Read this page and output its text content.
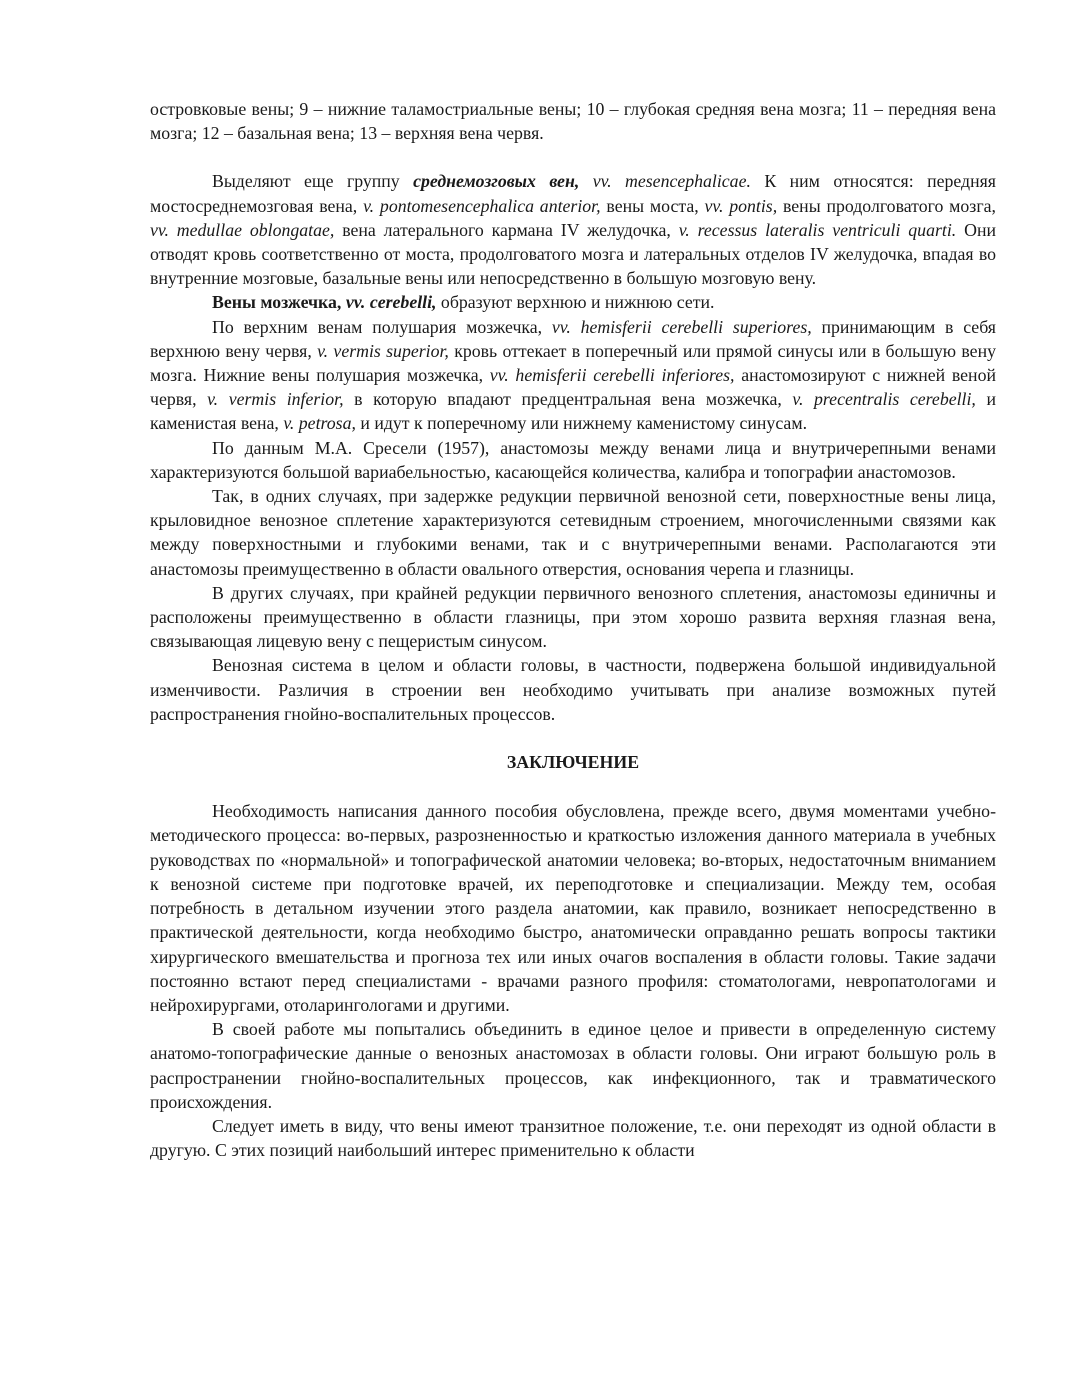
островковые вены; 9 – нижние таламостриальные вены; 10 – глубокая средняя вена мозга; 11 – передняя вена мозга; 12 – базальная вена; 13 – верхняя вена червя.

Выделяют еще группу среднемозговых вен, vv. mesencephalicae. К ним относятся: передняя мостосреднемозговая вена, v. pontomesencephalica anterior, вены моста, vv. pontis, вены продолговатого мозга, vv. medullae oblongatae, вена латерального кармана IV желудочка, v. recessus lateralis ventriculi quarti. Они отводят кровь соответственно от моста, продолговатого мозга и латеральных отделов IV желудочка, впадая во внутренние мозговые, базальные вены или непосредственно в большую мозговую вену.

Вены мозжечка, vv. cerebelli, образуют верхнюю и нижнюю сети.

По верхним венам полушария мозжечка, vv. hemisferii cerebelli superiores, принимающим в себя верхнюю вену червя, v. vermis superior, кровь оттекает в поперечный или прямой синусы или в большую вену мозга. Нижние вены полушария мозжечка, vv. hemisferii cerebelli inferiores, анастомозируют с нижней веной червя, v. vermis inferior, в которую впадают предцентральная вена мозжечка, v. precentralis cerebelli, и каменистая вена, v. petrosa, и идут к поперечному или нижнему каменистому синусам.

По данным М.А. Сресели (1957), анастомозы между венами лица и внутричерепными венами характеризуются большой вариабельностью, касающейся количества, калибра и топографии анастомозов.

Так, в одних случаях, при задержке редукции первичной венозной сети, поверхностные вены лица, крыловидное венозное сплетение характеризуются сетевидным строением, многочисленными связями как между поверхностными и глубокими венами, так и с внутричерепными венами. Располагаются эти анастомозы преимущественно в области овального отверстия, основания черепа и глазницы.

В других случаях, при крайней редукции первичного венозного сплетения, анастомозы единичны и расположены преимущественно в области глазницы, при этом хорошо развита верхняя глазная вена, связывающая лицевую вену с пещеристым синусом.

Венозная система в целом и области головы, в частности, подвержена большой индивидуальной изменчивости. Различия в строении вен необходимо учитывать при анализе возможных путей распространения гнойно-воспалительных процессов.

ЗАКЛЮЧЕНИЕ

Необходимость написания данного пособия обусловлена, прежде всего, двумя моментами учебно-методического процесса: во-первых, разрозненностью и краткостью изложения данного материала в учебных руководствах по «нормальной» и топографической анатомии человека; во-вторых, недостаточным вниманием к венозной системе при подготовке врачей, их переподготовке и специализации. Между тем, особая потребность в детальном изучении этого раздела анатомии, как правило, возникает непосредственно в практической деятельности, когда необходимо быстро, анатомически оправданно решать вопросы тактики хирургического вмешательства и прогноза тех или иных очагов воспаления в области головы. Такие задачи постоянно встают перед специалистами - врачами разного профиля: стоматологами, невропатологами и нейрохирургами, отоларингологами и другими.

В своей работе мы попытались объединить в единое целое и привести в определенную систему анатомо-топографические данные о венозных анастомозах в области головы. Они играют большую роль в распространении гнойно-воспалительных процессов, как инфекционного, так и травматического происхождения.

Следует иметь в виду, что вены имеют транзитное положение, т.е. они переходят из одной области в другую. С этих позиций наибольший интерес применительно к области
